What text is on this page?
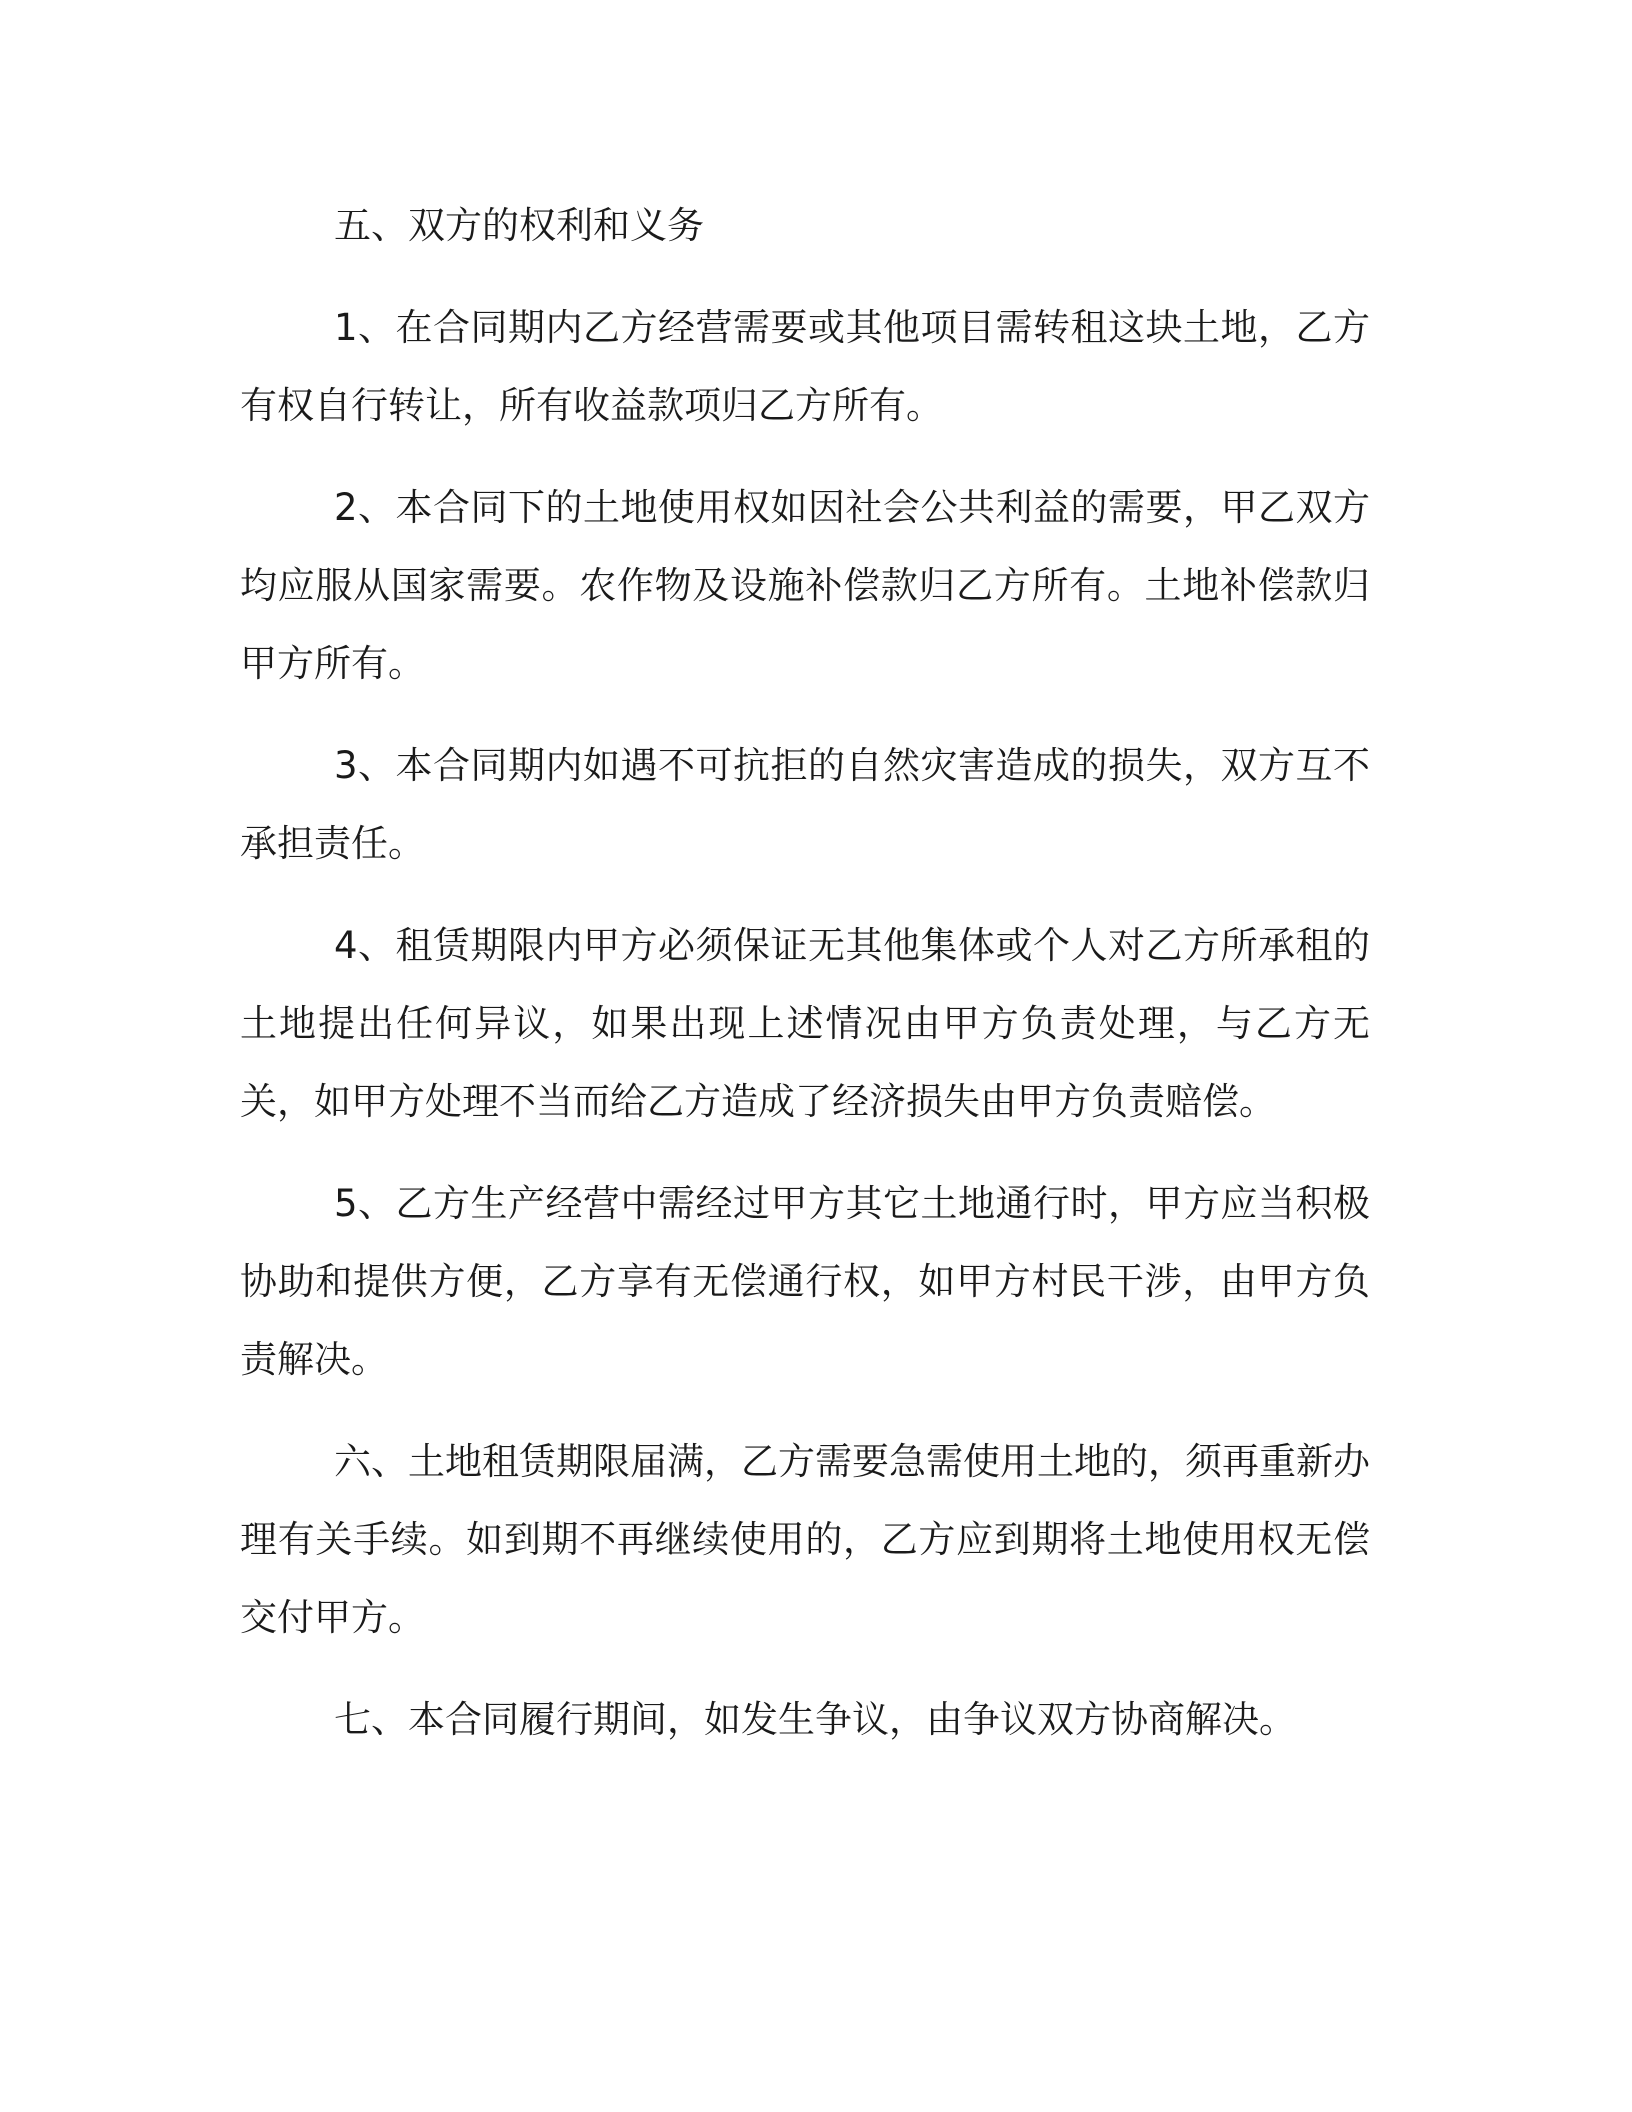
五、双方的权利和义务

1、在合同期内乙方经营需要或其他项目需转租这块土地，乙方有权自行转让，所有收益款项归乙方所有。

2、本合同下的土地使用权如因社会公共利益的需要，甲乙双方均应服从国家需要。农作物及设施补偿款归乙方所有。土地补偿款归甲方所有。

3、本合同期内如遇不可抗拒的自然灾害造成的损失，双方互不承担责任。

4、租赁期限内甲方必须保证无其他集体或个人对乙方所承租的土地提出任何异议，如果出现上述情况由甲方负责处理，与乙方无关，如甲方处理不当而给乙方造成了经济损失由甲方负责赔偿。

5、乙方生产经营中需经过甲方其它土地通行时，甲方应当积极协助和提供方便，乙方享有无偿通行权，如甲方村民干涉，由甲方负责解决。

六、土地租赁期限届满，乙方需要急需使用土地的，须再重新办理有关手续。如到期不再继续使用的，乙方应到期将土地使用权无偿交付甲方。

七、本合同履行期间，如发生争议，由争议双方协商解决。
